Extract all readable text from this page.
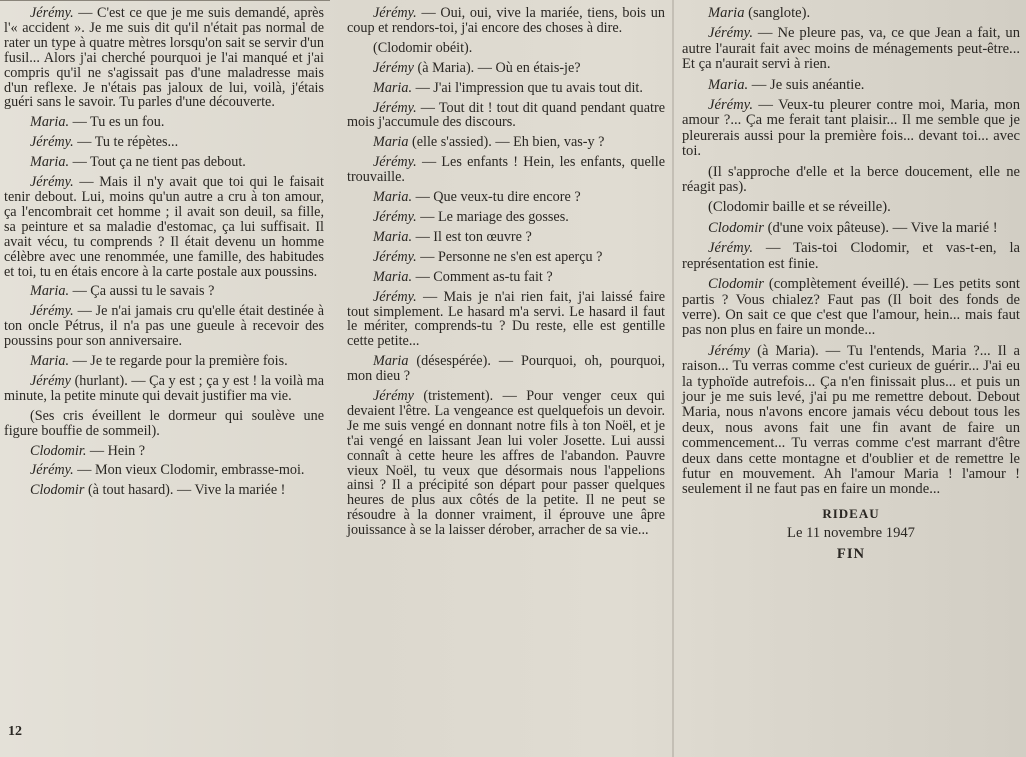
Jérémy. — C'est ce que je me suis demandé, après l'« accident ». Je me suis dit qu'il n'était pas normal de rater un type à quatre mètres lorsqu'on sait se servir d'un fusil... Alors j'ai cherché pourquoi je l'ai manqué et j'ai compris qu'il ne s'agissait pas d'une maladresse mais d'un reflexe. Je n'étais pas jaloux de lui, voilà, j'étais guéri sans le savoir. Tu parles d'une découverte.

Maria. — Tu es un fou.

Jérémy. — Tu te répètes...

Maria. — Tout ça ne tient pas debout.

Jérémy. — Mais il n'y avait que toi qui le faisait tenir debout. Lui, moins qu'un autre a cru à ton amour, ça l'encombrait cet homme ; il avait son deuil, sa fille, sa peinture et sa maladie d'estomac, ça lui suffisait. Il avait vécu, tu comprends ? Il était devenu un homme célèbre avec une renommée, une famille, des habitudes et toi, tu en étais encore à la carte postale aux poussins.

Maria. — Ça aussi tu le savais ?

Jérémy. — Je n'ai jamais cru qu'elle était destinée à ton oncle Pétrus, il n'a pas une gueule à recevoir des poussins pour son anniversaire.

Maria. — Je te regarde pour la première fois.

Jérémy (hurlant). — Ça y est ; ça y est ! la voilà ma minute, la petite minute qui devait justifier ma vie.

(Ses cris éveillent le dormeur qui soulève une figure bouffie de sommeil).

Clodomir. — Hein ?

Jérémy. — Mon vieux Clodomir, embrasse-moi.

Clodomir (à tout hasard). — Vive la mariée !

Jérémy. — Oui, oui, vive la mariée, tiens, bois un coup et rendors-toi, j'ai encore des choses à dire.

(Clodomir obéit).

Jérémy (à Maria). — Où en étais-je?

Maria. — J'ai l'impression que tu avais tout dit.

Jérémy. — Tout dit ! tout dit quand pendant quatre mois j'accumule des discours.

Maria (elle s'assied). — Eh bien, vas-y ?

Jérémy. — Les enfants ! Hein, les enfants, quelle trouvaille.

Maria. — Que veux-tu dire encore ?

Jérémy. — Le mariage des gosses.

Maria. — Il est ton œuvre ?

Jérémy. — Personne ne s'en est aperçu ?

Maria. — Comment as-tu fait ?

Jérémy. — Mais je n'ai rien fait, j'ai laissé faire tout simplement. Le hasard m'a servi. Le hasard il faut le mériter, comprends-tu ? Du reste, elle est gentille cette petite...

Maria (désespérée). — Pourquoi, oh, pourquoi, mon dieu ?

Jérémy (tristement). — Pour venger ceux qui devaient l'être. La vengeance est quelquefois un devoir. Je me suis vengé en donnant notre fils à ton Noël, et je t'ai vengé en laissant Jean lui voler Josette. Lui aussi connaît à cette heure les affres de l'abandon. Pauvre vieux Noël, tu veux que désormais nous l'appelions ainsi ? Il a précipité son départ pour passer quelques heures de plus aux côtés de la petite. Il ne peut se résoudre à la donner vraiment, il éprouve une âpre jouissance à se la laisser dérober, arracher de sa vie...

Maria (sanglote).

Jérémy. — Ne pleure pas, va, ce que Jean a fait, un autre l'aurait fait avec moins de ménagements peut-être... Et ça n'aurait servi à rien.

Maria. — Je suis anéantie.

Jérémy. — Veux-tu pleurer contre moi, Maria, mon amour ?... Ça me ferait tant plaisir... Il me semble que je pleurerais aussi pour la première fois... devant toi... avec toi.

(Il s'approche d'elle et la berce doucement, elle ne réagit pas).

(Clodomir baille et se réveille).

Clodomir (d'une voix pâteuse). — Vive la marié !

Jérémy. — Tais-toi Clodomir, et vas-t-en, la représentation est finie.

Clodomir (complètement éveillé). — Les petits sont partis ? Vous chialez? Faut pas (Il boit des fonds de verre). On sait ce que c'est que l'amour, hein... mais faut pas non plus en faire un monde...

Jérémy (à Maria). — Tu l'entends, Maria ?... Il a raison... Tu verras comme c'est curieux de guérir... J'ai eu la typhoïde autrefois... Ça n'en finissait plus... et puis un jour je me suis levé, j'ai pu me remettre debout. Debout Maria, nous n'avons encore jamais vécu debout tous les deux, nous avons fait une fin avant de faire un commencement... Tu verras comme c'est marrant d'être deux dans cette montagne et d'oublier et de remettre le futur en mouvement. Ah l'amour Maria ! l'amour ! seulement il ne faut pas en faire un monde...

RIDEAU

Le 11 novembre 1947

FIN

12
